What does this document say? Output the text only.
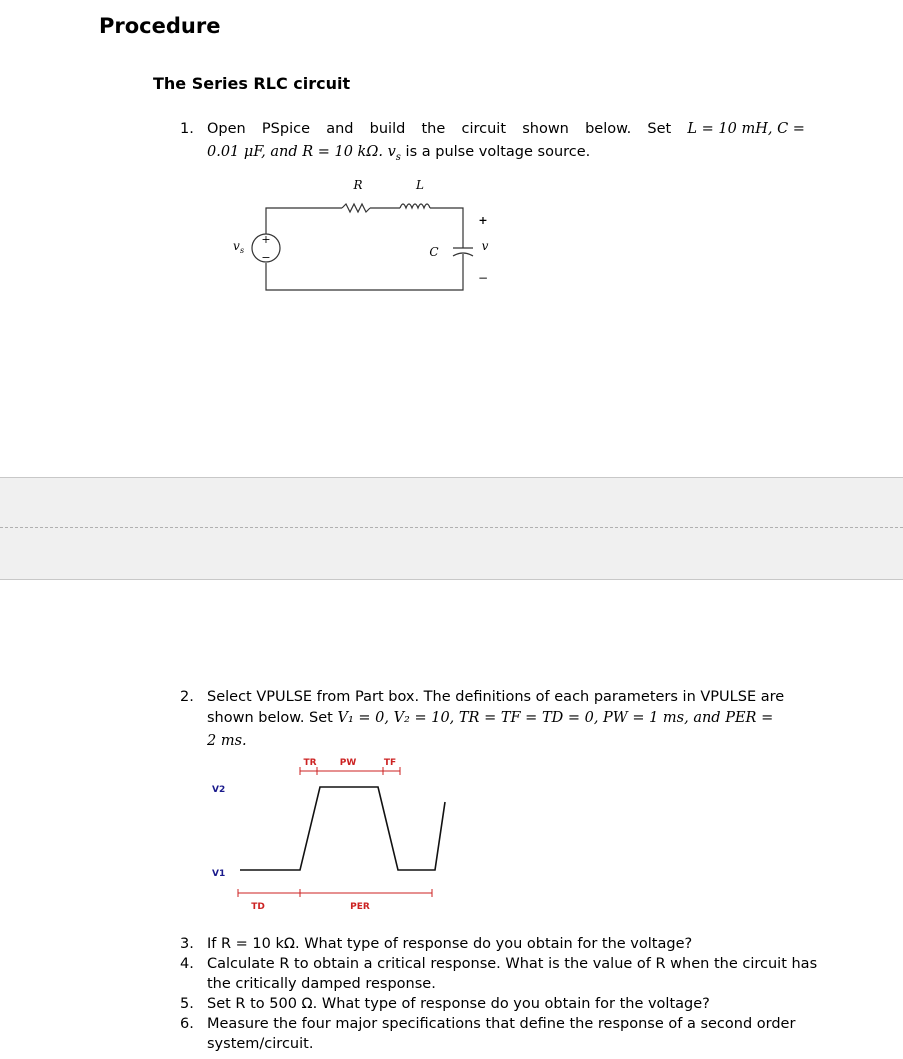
Procedure
The Series RLC circuit
1. Open PSpice and build the circuit shown below. Set L = 10 mH, C =
0.01 μF, and R = 10 kΩ. $v_s$ is a pulse voltage source.
+
−
v s
R	L
C
+
v
−
2. Select VPULSE from Part box. The definitions of each parameters in VPULSE are
shown below. Set V₁ = 0, V₂ = 10, TR = TF = TD = 0, PW = 1 ms, and PER =
2 ms.
TR	PW	TF
V2
V1
TD	PER
3. If R = 10 kΩ. What type of response do you obtain for the voltage?
4. Calculate R to obtain a critical response. What is the value of R when the circuit has
the critically damped response.
5. Set R to 500 Ω. What type of response do you obtain for the voltage?
6. Measure the four major specifications that define the response of a second order
system/circuit.
